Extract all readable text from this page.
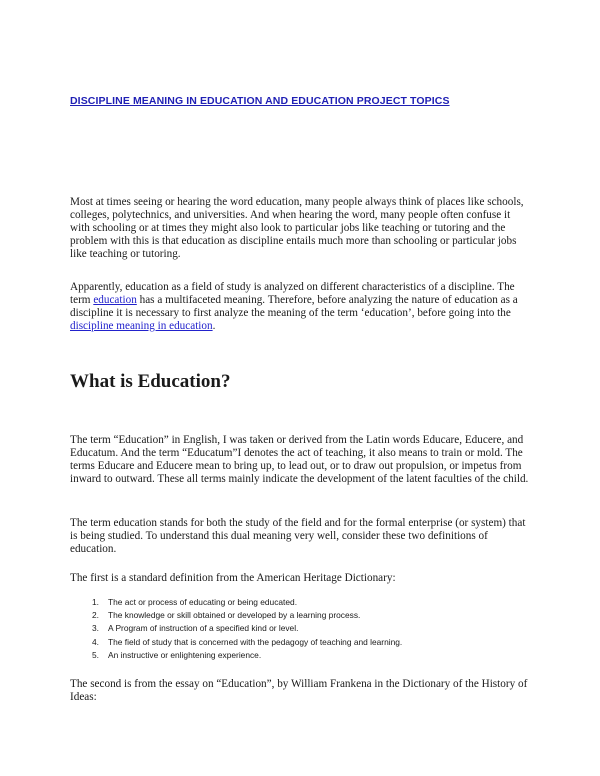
DISCIPLINE MEANING IN EDUCATION AND EDUCATION PROJECT TOPICS

Most at times seeing or hearing the word education, many people always think of places like schools, colleges, polytechnics, and universities. And when hearing the word, many people often confuse it with schooling or at times they might also look to particular jobs like teaching or tutoring and the problem with this is that education as discipline entails much more than schooling or particular jobs like teaching or tutoring.

Apparently, education as a field of study is analyzed on different characteristics of a discipline. The term education has a multifaceted meaning. Therefore, before analyzing the nature of education as a discipline it is necessary to first analyze the meaning of the term ‘education’, before going into the discipline meaning in education.

What is Education?

The term “Education” in English, I was taken or derived from the Latin words Educare, Educere, and Educatum. And the term “Educatum”I denotes the act of teaching, it also means to train or mold. The terms Educare and Educere mean to bring up, to lead out, or to draw out propulsion, or impetus from inward to outward. These all terms mainly indicate the development of the latent faculties of the child.

The term education stands for both the study of the field and for the formal enterprise (or system) that is being studied. To understand this dual meaning very well, consider these two definitions of education.

The first is a standard definition from the American Heritage Dictionary:

1.	The act or process of educating or being educated.
2.	The knowledge or skill obtained or developed by a learning process.
3.	A Program of instruction of a specified kind or level.
4.	The field of study that is concerned with the pedagogy of teaching and learning.
5.	An instructive or enlightening experience.

The second is from the essay on “Education”, by William Frankena in the Dictionary of the History of Ideas:
